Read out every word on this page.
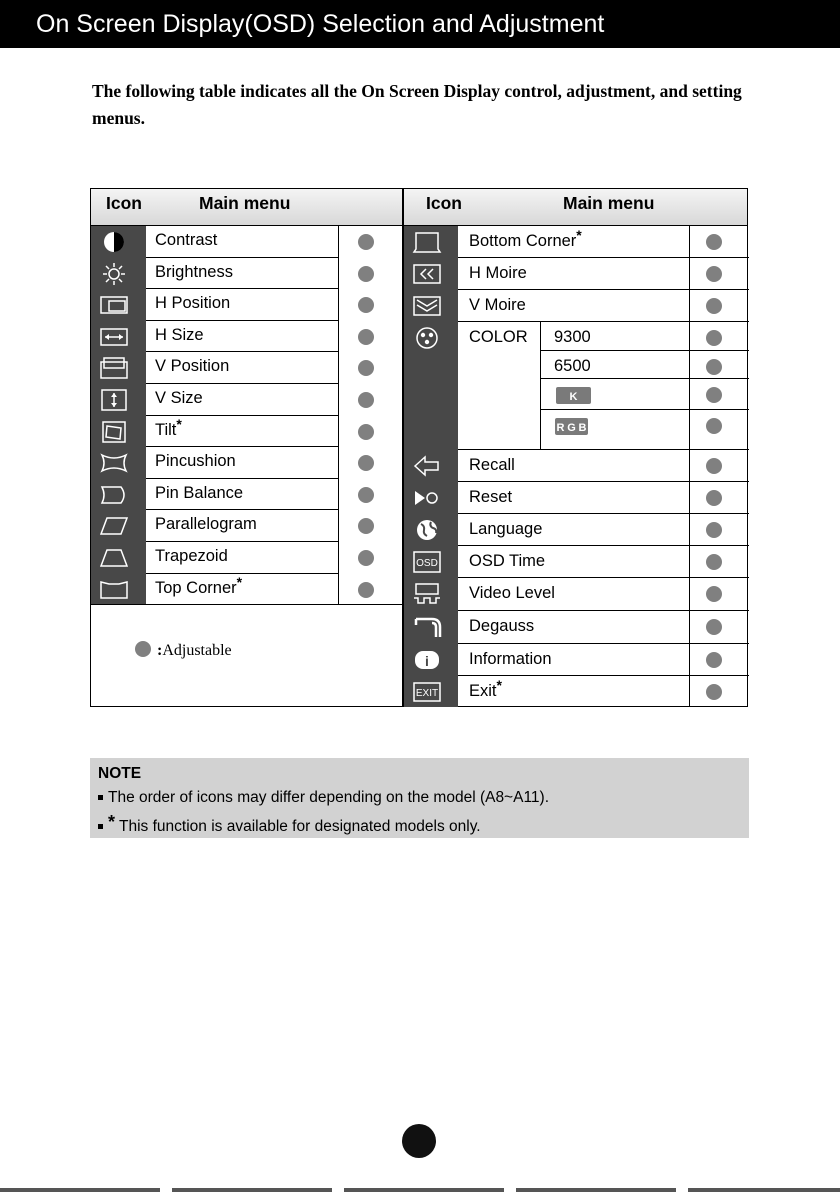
On Screen Display(OSD) Selection and Adjustment
The following table indicates all the On Screen Display control, adjustment, and setting menus.
Icon	Main menu
Contrast
Brightness
H Position
H Size
V Position
V Size
Tilt*
Pincushion
Pin Balance
Parallelogram
Trapezoid
Top Corner*
:Adjustable
Icon	Main menu
Bottom Corner*
H Moire
V Moire
COLOR 9300
6500
K
R G B
Recall
Reset
Language
OSD OSD Time
Video Level
Degauss
i Information
EXIT Exit*
NOTE
The order of icons may differ depending on the model (A8~A11).
* This function is available for designated models only.
